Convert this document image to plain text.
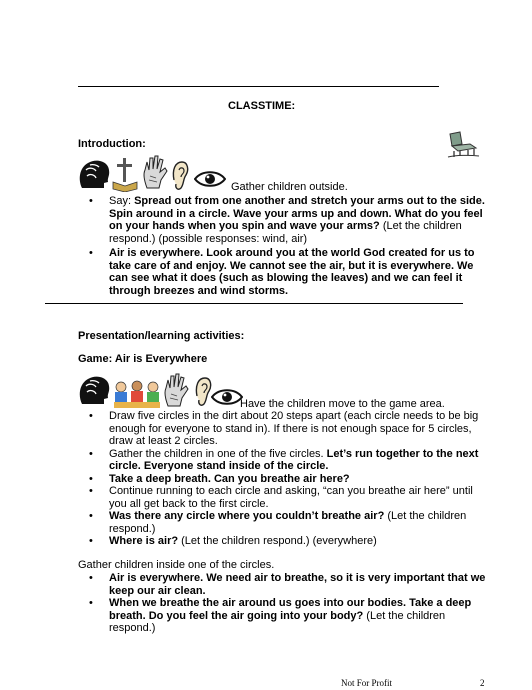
CLASSTIME:
Introduction:
Gather children outside.
• Say: Spread out from one another and stretch your arms out to the side. Spin around in a circle. Wave your arms up and down. What do you feel on your hands when you spin and wave your arms? (Let the children respond.) (possible responses: wind, air)
• Air is everywhere. Look around you at the world God created for us to take care of and enjoy. We cannot see the air, but it is everywhere. We can see what it does (such as blowing the leaves) and we can feel it through breezes and wind storms.
Presentation/learning activities:
Game: Air is Everywhere
Have the children move to the game area.
• Draw five circles in the dirt about 20 steps apart (each circle needs to be big enough for everyone to stand in). If there is not enough space for 5 circles, draw at least 2 circles.
• Gather the children in one of the five circles. Let’s run together to the next circle. Everyone stand inside of the circle.
• Take a deep breath. Can you breathe air here?
• Continue running to each circle and asking, “can you breathe air here” until you all get back to the first circle.
• Was there any circle where you couldn’t breathe air? (Let the children respond.)
• Where is air? (Let the children respond.) (everywhere)
Gather children inside one of the circles.
• Air is everywhere. We need air to breathe, so it is very important that we keep our air clean.
• When we breathe the air around us goes into our bodies. Take a deep breath. Do you feel the air going into your body? (Let the children respond.)
Not For Profit	2
